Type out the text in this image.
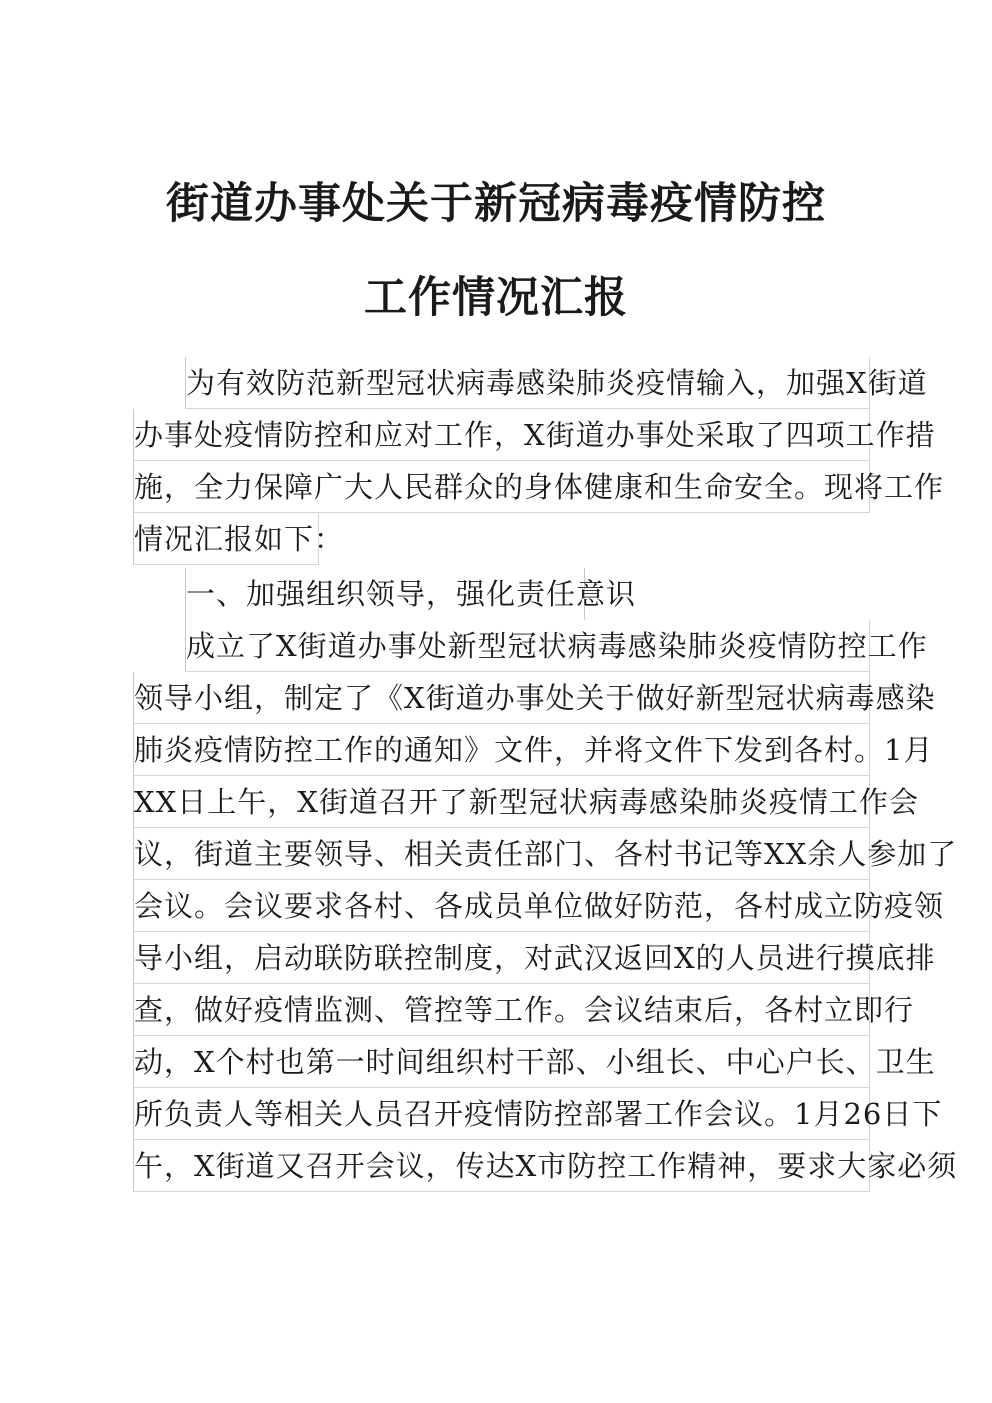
街道办事处关于新冠病毒疫情防控
工作情况汇报
为有效防范新型冠状病毒感染肺炎疫情输入，加强X街道
办事处疫情防控和应对工作，X街道办事处采取了四项工作措
施，全力保障广大人民群众的身体健康和生命安全。现将工作
情况汇报如下：
一、加强组织领导，强化责任意识
成立了X街道办事处新型冠状病毒感染肺炎疫情防控工作
领导小组，制定了《X街道办事处关于做好新型冠状病毒感染
肺炎疫情防控工作的通知》文件，并将文件下发到各村。1月
XX日上午，X街道召开了新型冠状病毒感染肺炎疫情工作会
议，街道主要领导、相关责任部门、各村书记等XX余人参加了
会议。会议要求各村、各成员单位做好防范，各村成立防疫领
导小组，启动联防联控制度，对武汉返回X的人员进行摸底排
查，做好疫情监测、管控等工作。会议结束后，各村立即行
动，X个村也第一时间组织村干部、小组长、中心户长、卫生
所负责人等相关人员召开疫情防控部署工作会议。1月26日下
午，X街道又召开会议，传达X市防控工作精神，要求大家必须
